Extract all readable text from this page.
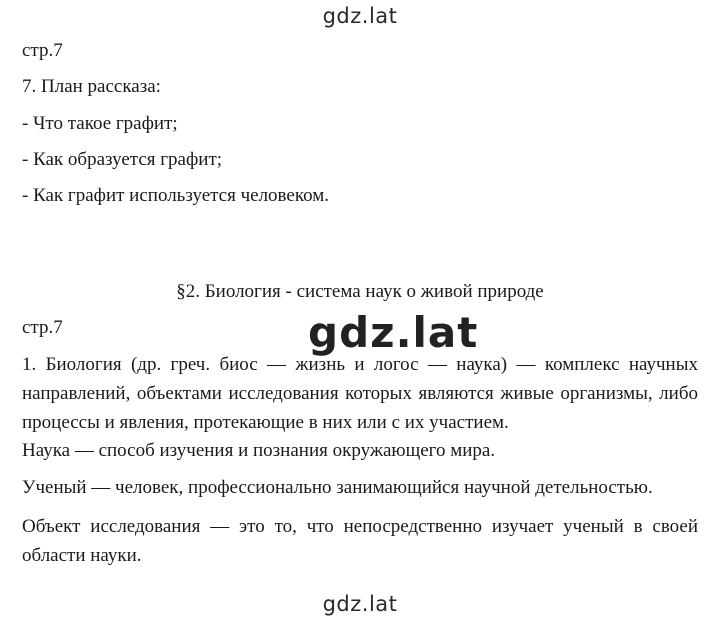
gdz.lat
стр.7
7. План рассказа:
- Что такое графит;
- Как образуется графит;
- Как графит используется человеком.
§2. Биология - система наук о живой природе
стр.7	gdz.lat
1. Биология (др. греч. биос — жизнь и логос — наука) — комплекс научных направлений, объектами исследования которых являются живые организмы, либо процессы и явления, протекающие в них или с их участием.
Наука — способ изучения и познания окружающего мира.
Ученый — человек, профессионально занимающийся научной детельностью.
Объект исследования — это то, что непосредственно изучает ученый в своей области науки.
gdz.lat
